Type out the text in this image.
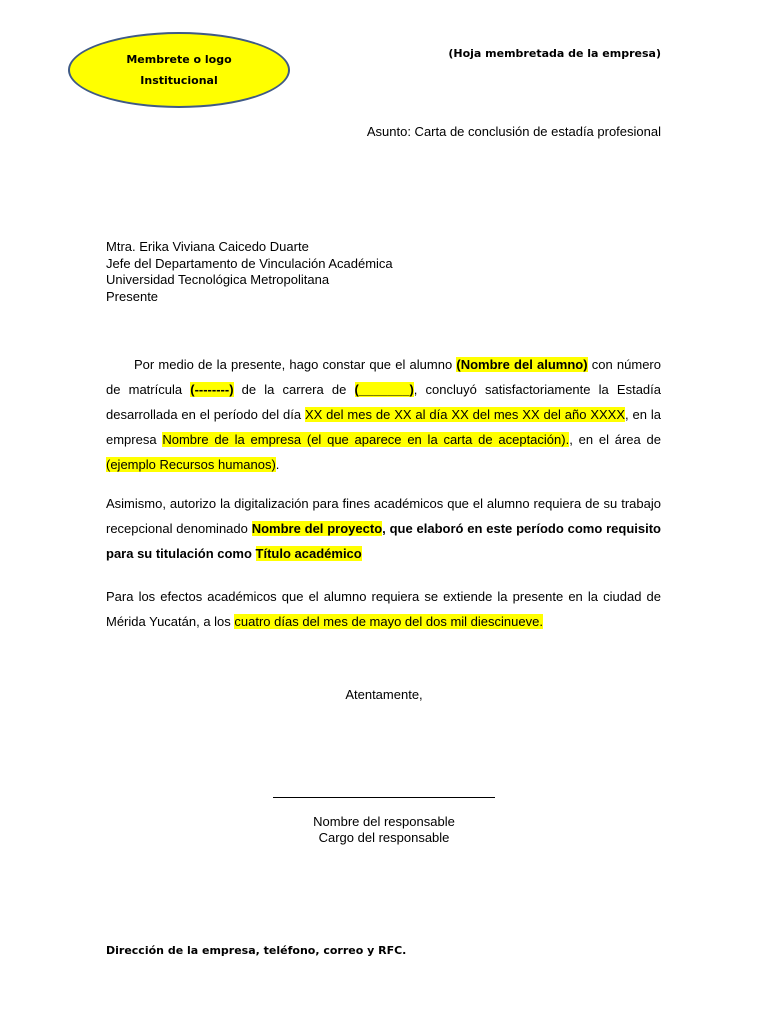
Membrete o logo
Institucional
(Hoja membretada de la empresa)
Asunto: Carta de conclusión de estadía profesional
Mtra. Erika Viviana Caicedo Duarte
Jefe del Departamento de Vinculación Académica
Universidad Tecnológica Metropolitana
Presente
Por medio de la presente, hago constar que el alumno (Nombre del alumno) con número de matrícula (--------) de la carrera de (_______), concluyó satisfactoriamente la Estadía desarrollada en el período del día XX del mes de XX al día XX del mes XX del año XXXX, en la empresa Nombre de la empresa (el que aparece en la carta de aceptación)., en el área de (ejemplo Recursos humanos).
Asimismo, autorizo la digitalización para fines académicos que el alumno requiera de su trabajo recepcional denominado Nombre del proyecto, que elaboró en este período como requisito para su titulación como Título académico
Para los efectos académicos que el alumno requiera se extiende la presente en la ciudad de Mérida Yucatán, a los cuatro días del mes de mayo del dos mil diescinueve.
Atentamente,
Nombre del responsable
Cargo del responsable
Dirección de la empresa, teléfono, correo y RFC.
